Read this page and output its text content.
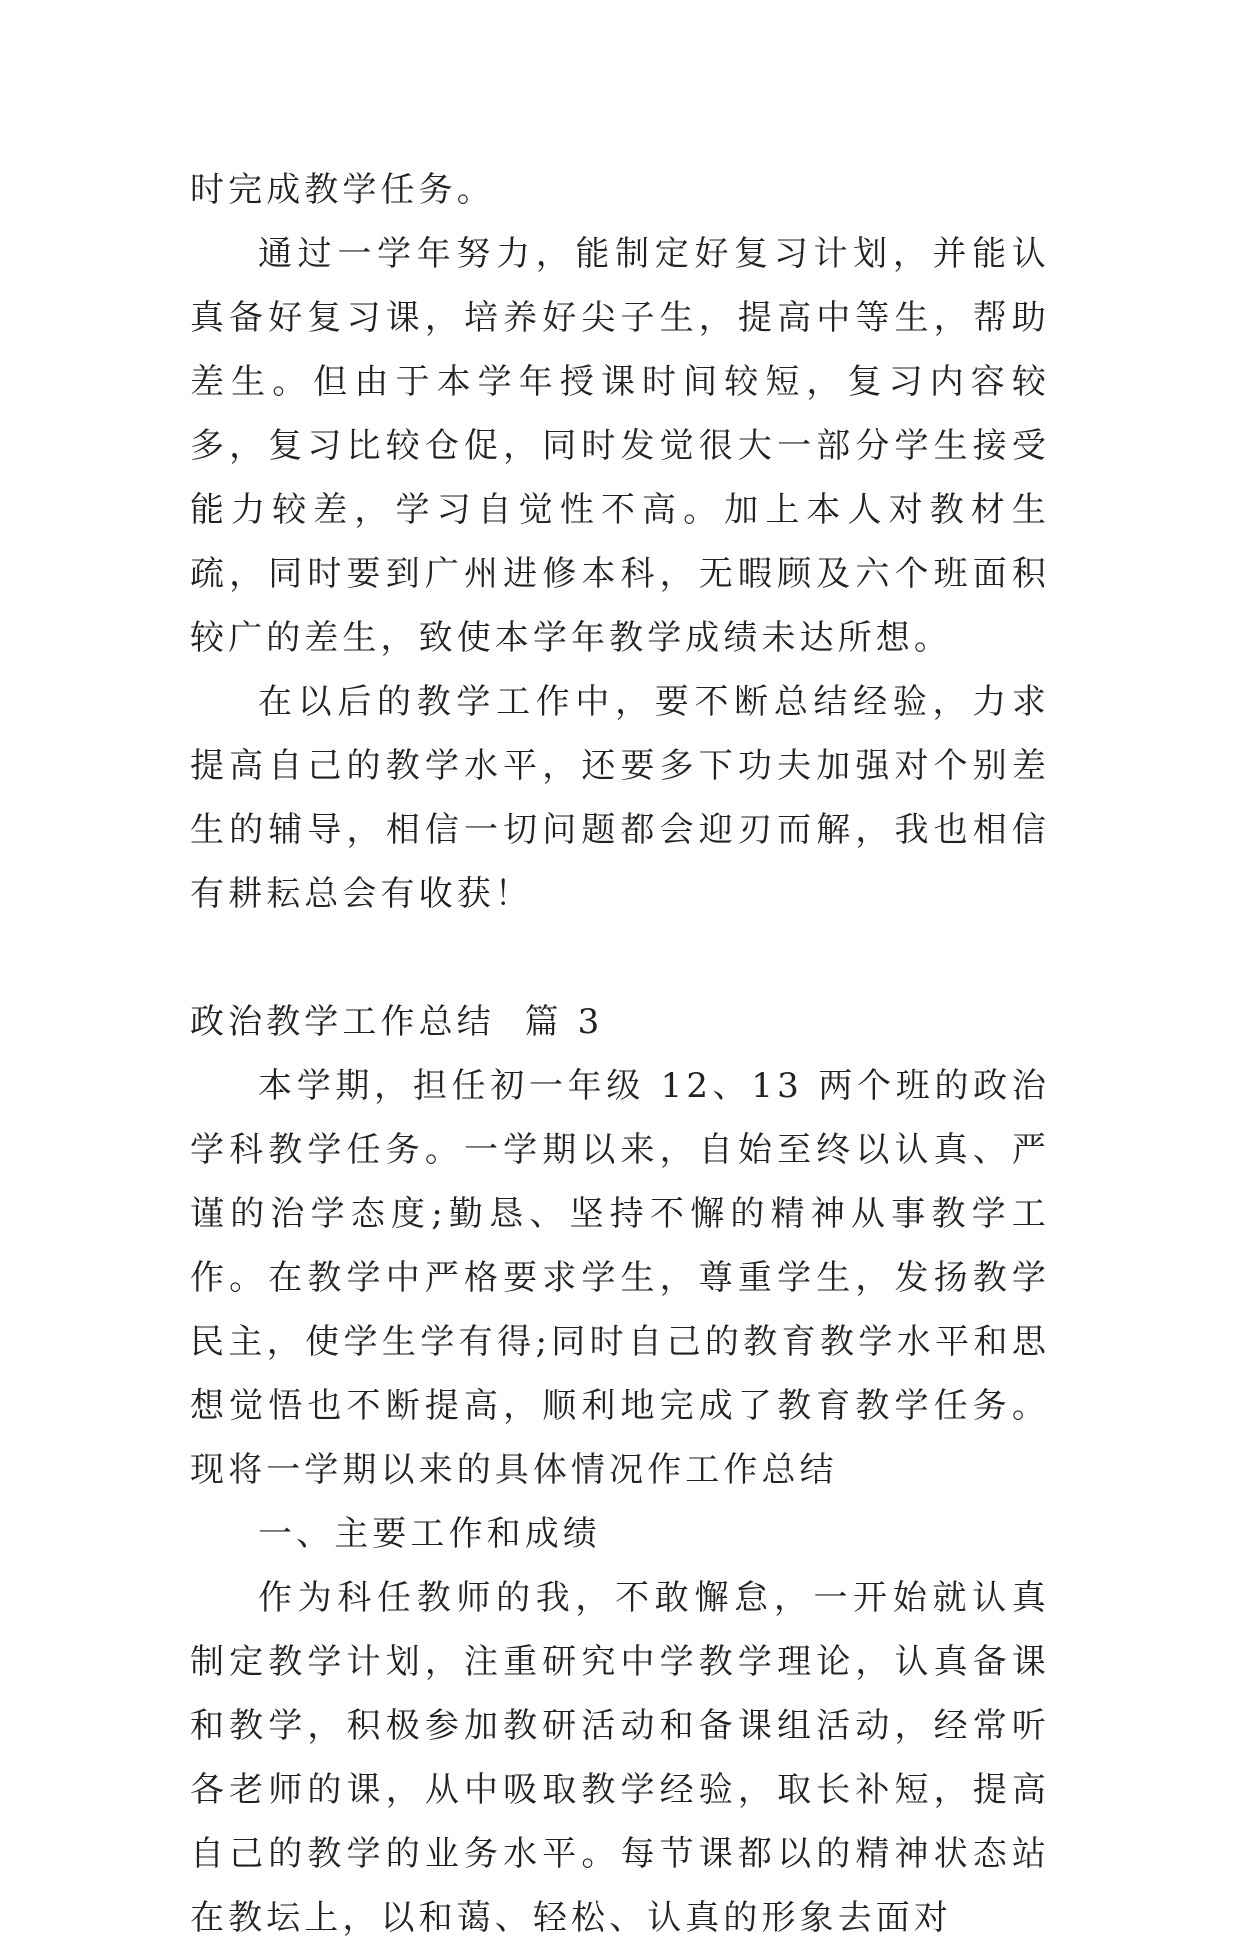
时完成教学任务。

通过一学年努力，能制定好复习计划，并能认真备好复习课，培养好尖子生，提高中等生，帮助差生。但由于本学年授课时间较短，复习内容较多，复习比较仓促，同时发觉很大一部分学生接受能力较差，学习自觉性不高。加上本人对教材生疏，同时要到广州进修本科，无暇顾及六个班面积较广的差生，致使本学年教学成绩未达所想。

在以后的教学工作中，要不断总结经验，力求提高自己的教学水平，还要多下功夫加强对个别差生的辅导，相信一切问题都会迎刃而解，我也相信有耕耘总会有收获！

政治教学工作总结  篇 3

本学期，担任初一年级 12、13 两个班的政治学科教学任务。一学期以来，自始至终以认真、严谨的治学态度;勤恳、坚持不懈的精神从事教学工作。在教学中严格要求学生，尊重学生，发扬教学民主，使学生学有得;同时自己的教育教学水平和思想觉悟也不断提高，顺利地完成了教育教学任务。现将一学期以来的具体情况作工作总结

一、主要工作和成绩

作为科任教师的我，不敢懈怠，一开始就认真制定教学计划，注重研究中学教学理论，认真备课和教学，积极参加教研活动和备课组活动，经常听各老师的课，从中吸取教学经验，取长补短，提高自己的教学的业务水平。每节课都以的精神状态站在教坛上，以和蔼、轻松、认真的形象去面对
